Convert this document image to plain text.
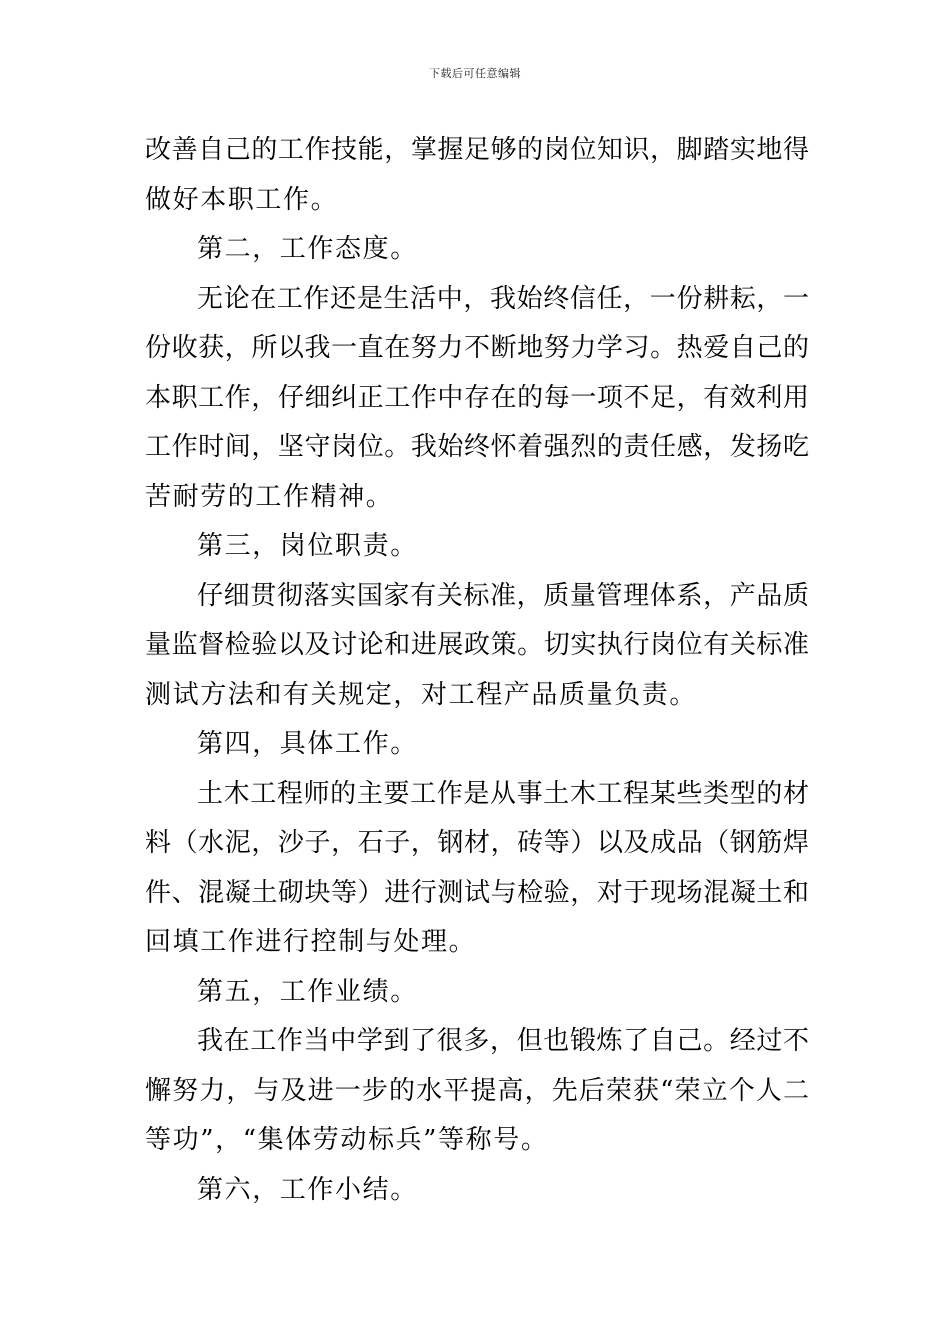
下载后可任意编辑
改善自己的工作技能，掌握足够的岗位知识，脚踏实地得
做好本职工作。
第二，工作态度。
无论在工作还是生活中，我始终信任，一份耕耘，一
份收获，所以我一直在努力不断地努力学习。热爱自己的
本职工作，仔细纠正工作中存在的每一项不足，有效利用
工作时间，坚守岗位。我始终怀着强烈的责任感，发扬吃
苦耐劳的工作精神。
第三，岗位职责。
仔细贯彻落实国家有关标准，质量管理体系，产品质
量监督检验以及讨论和进展政策。切实执行岗位有关标准
测试方法和有关规定，对工程产品质量负责。
第四，具体工作。
土木工程师的主要工作是从事土木工程某些类型的材
料（水泥，沙子，石子，钢材，砖等）以及成品（钢筋焊
件、混凝土砌块等）进行测试与检验，对于现场混凝土和
回填工作进行控制与处理。
第五，工作业绩。
我在工作当中学到了很多，但也锻炼了自己。经过不
懈努力，与及进一步的水平提高，先后荣获“荣立个人二
等功”，“集体劳动标兵”等称号。
第六，工作小结。
